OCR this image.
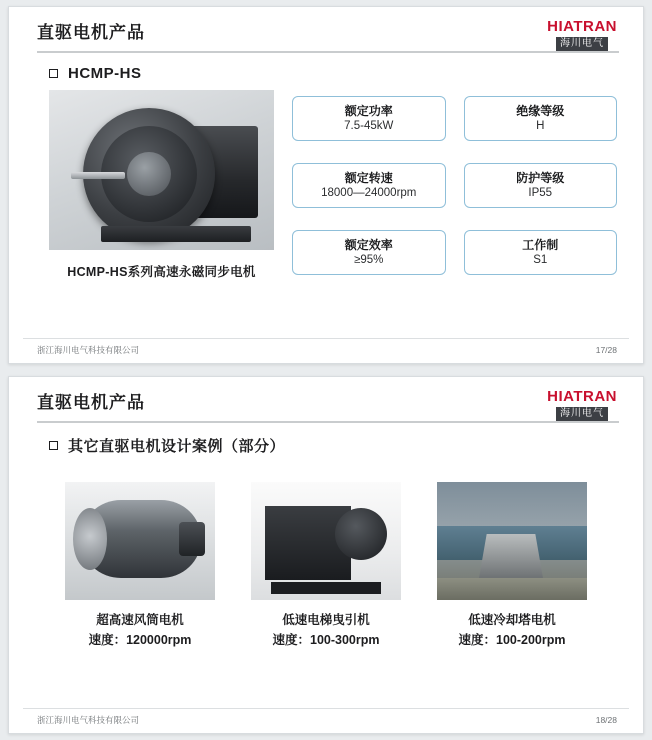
直驱电机产品	HIATRAN
海川电气
HCMP-HS
HCMP-HS系列高速永磁同步电机
额定功率
7.5-45kW
绝缘等级
H
额定转速
18000—24000rpm
防护等级
IP55
额定效率
≥95%
工作制
S1
浙江海川电气科技有限公司	17/28
直驱电机产品	HIATRAN
海川电气
其它直驱电机设计案例（部分）
超高速风筒电机
速度：120000rpm
低速电梯曳引机
速度：100-300rpm
低速冷却塔电机
速度：100-200rpm
浙江海川电气科技有限公司	18/28
